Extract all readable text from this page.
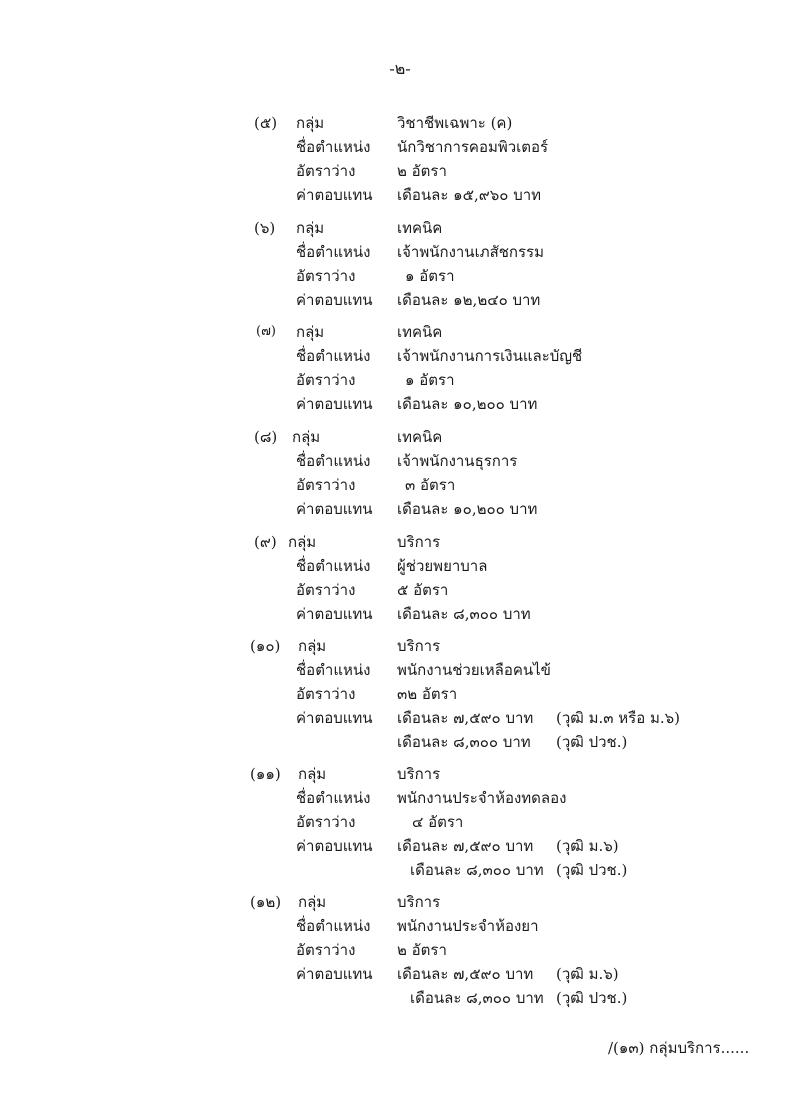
-๒-
(๕) กลุ่ม	วิชาชีพเฉพาะ (ค)
ชื่อตำแหน่ง นักวิชาการคอมพิวเตอร์
อัตราว่าง	๒ อัตรา
ค่าตอบแทน เดือนละ ๑๕,๙๖๐ บาท
(๖) กลุ่ม	เทคนิค
ชื่อตำแหน่ง เจ้าพนักงานเภสัชกรรม
อัตราว่าง	๑ อัตรา
ค่าตอบแทน เดือนละ ๑๒,๒๔๐ บาท
(๗) กลุ่ม	เทคนิค
ชื่อตำแหน่ง เจ้าพนักงานการเงินและบัญชี
อัตราว่าง	๑ อัตรา
ค่าตอบแทน เดือนละ ๑๐,๒๐๐ บาท
(๘) กลุ่ม	เทคนิค
ชื่อตำแหน่ง เจ้าพนักงานธุรการ
อัตราว่าง	๓ อัตรา
ค่าตอบแทน เดือนละ ๑๐,๒๐๐ บาท
(๙) กลุ่ม	บริการ
ชื่อตำแหน่ง ผู้ช่วยพยาบาล
อัตราว่าง	๕ อัตรา
ค่าตอบแทน เดือนละ ๘,๓๐๐ บาท
(๑๐) กลุ่ม	บริการ
ชื่อตำแหน่ง พนักงานช่วยเหลือคนไข้
อัตราว่าง	๓๒ อัตรา
ค่าตอบแทน เดือนละ ๗,๕๙๐ บาท (วุฒิ ม.๓ หรือ ม.๖)
เดือนละ ๘,๓๐๐ บาท (วุฒิ ปวช.)
(๑๑) กลุ่ม	บริการ
ชื่อตำแหน่ง พนักงานประจำห้องทดลอง
อัตราว่าง	๔ อัตรา
ค่าตอบแทน เดือนละ ๗,๕๙๐ บาท (วุฒิ ม.๖)
เดือนละ ๘,๓๐๐ บาท (วุฒิ ปวช.)
(๑๒) กลุ่ม	บริการ
ชื่อตำแหน่ง พนักงานประจำห้องยา
อัตราว่าง	๒ อัตรา
ค่าตอบแทน เดือนละ ๗,๕๙๐ บาท (วุฒิ ม.๖)
เดือนละ ๘,๓๐๐ บาท (วุฒิ ปวช.)
/(๑๓) กลุ่มบริการ......
